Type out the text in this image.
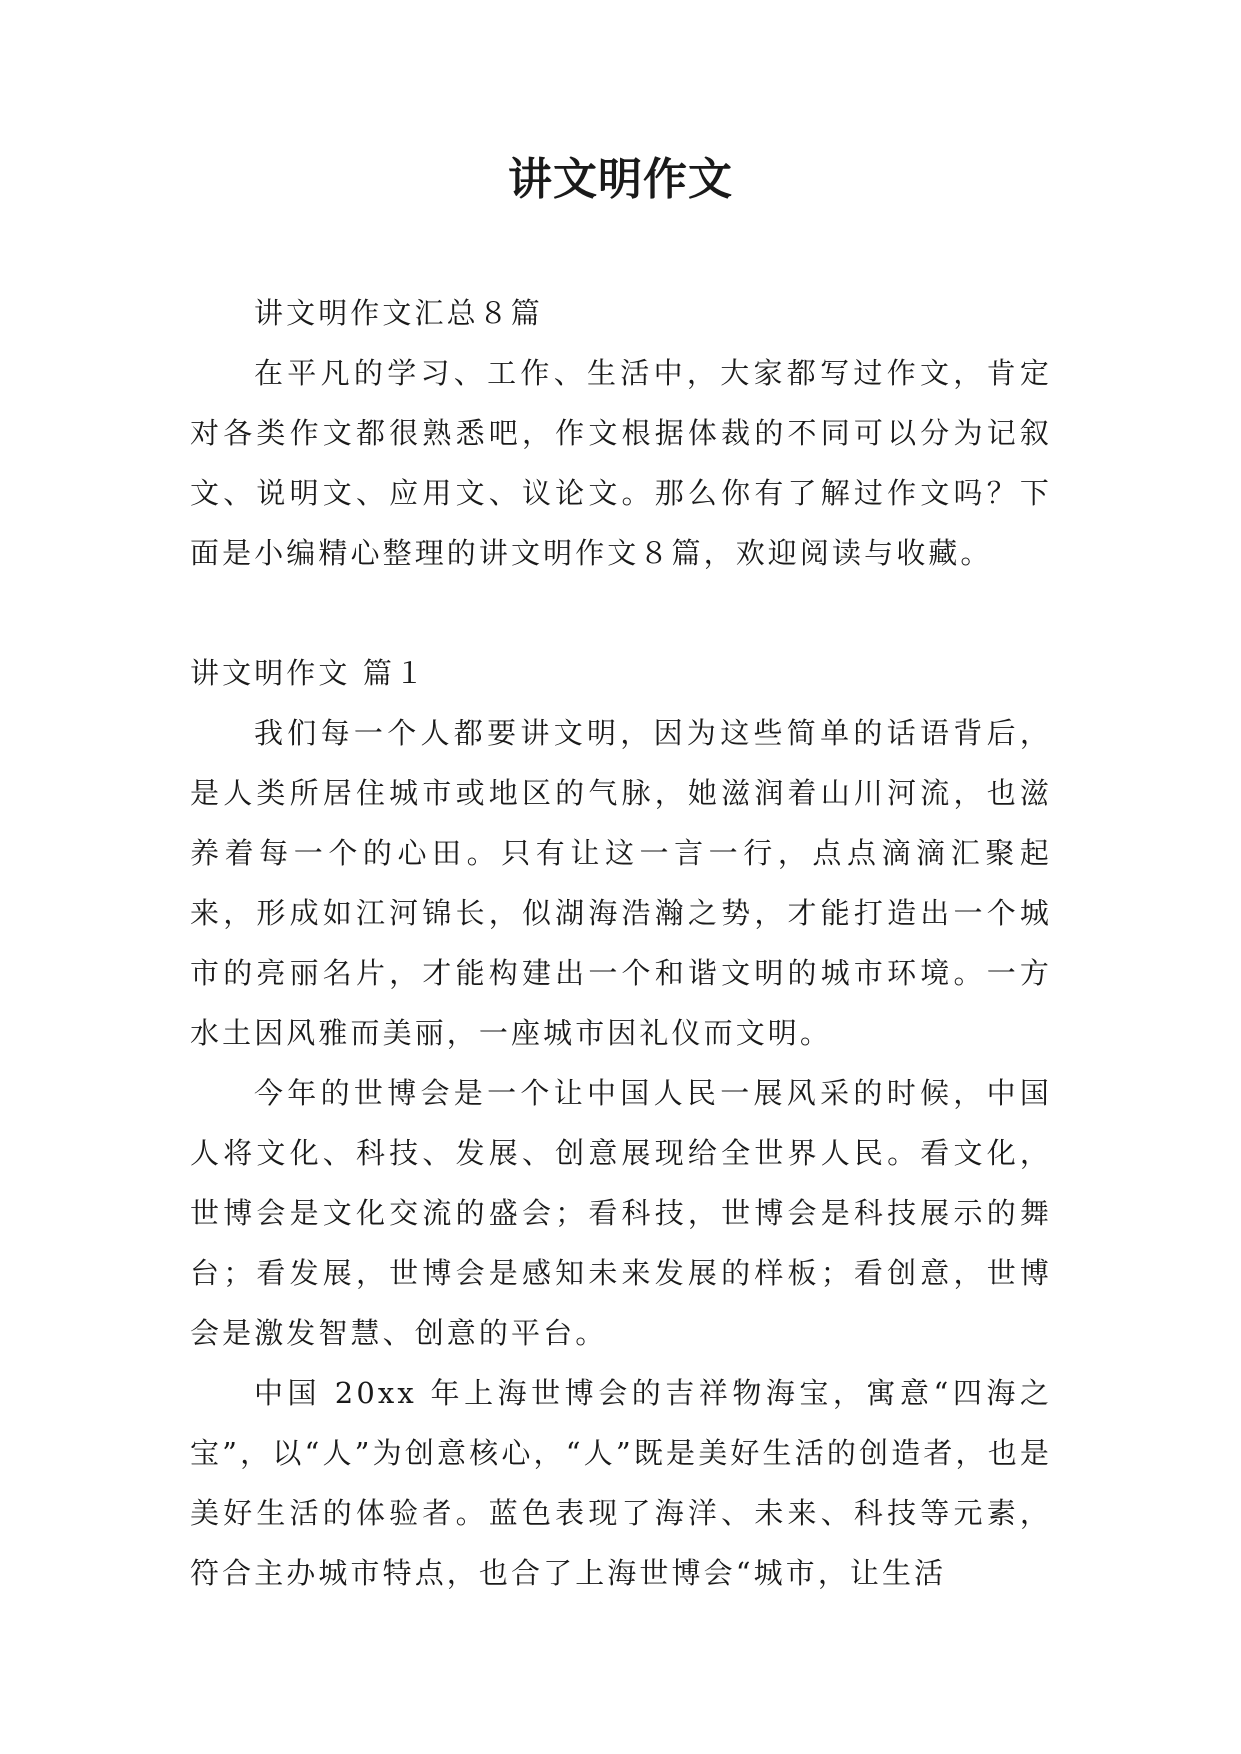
讲文明作文

讲文明作文汇总８篇

在平凡的学习、工作、生活中，大家都写过作文，肯定对各类作文都很熟悉吧，作文根据体裁的不同可以分为记叙文、说明文、应用文、议论文。那么你有了解过作文吗？下面是小编精心整理的讲文明作文８篇，欢迎阅读与收藏。

讲文明作文 篇１

我们每一个人都要讲文明，因为这些简单的话语背后，是人类所居住城市或地区的气脉，她滋润着山川河流，也滋养着每一个的心田。只有让这一言一行，点点滴滴汇聚起来，形成如江河锦长，似湖海浩瀚之势，才能打造出一个城市的亮丽名片，才能构建出一个和谐文明的城市环境。一方水土因风雅而美丽，一座城市因礼仪而文明。

今年的世博会是一个让中国人民一展风采的时候，中国人将文化、科技、发展、创意展现给全世界人民。看文化，世博会是文化交流的盛会；看科技，世博会是科技展示的舞台；看发展，世博会是感知未来发展的样板；看创意，世博会是激发智慧、创意的平台。

中国 20xx 年上海世博会的吉祥物海宝，寓意“四海之宝”，以“人”为创意核心，“人”既是美好生活的创造者，也是美好生活的体验者。蓝色表现了海洋、未来、科技等元素，符合主办城市特点，也合了上海世博会“城市，让生活
